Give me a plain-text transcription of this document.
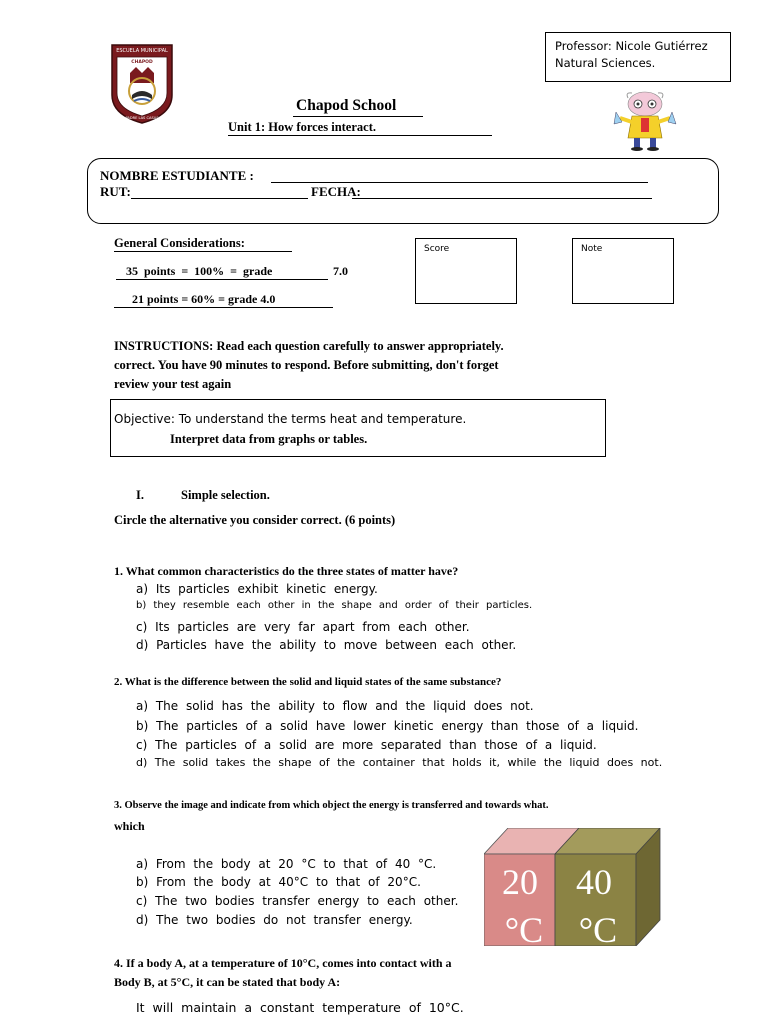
Professor: Nicole Gutiérrez
Natural Sciences.
ESCUELA MUNICIPAL
CHAPOD
PADRE LAS CASAS
Chapod School
Unit 1: How forces interact.
NOMBRE ESTUDIANTE :
RUT:	FECHA:
General Considerations:
35 points = 100% = grade	7.0
21 points = 60% = grade 4.0
Score	Note
INSTRUCTIONS: Read each question carefully to answer appropriately.
correct. You have 90 minutes to respond. Before submitting, don't forget
review your test again
Objective: To understand the terms heat and temperature.
Interpret data from graphs or tables.
I.	Simple selection.
Circle the alternative you consider correct. (6 points)
1. What common characteristics do the three states of matter have?
a) Its particles exhibit kinetic energy.
b) they resemble each other in the shape and order of their particles.
c) Its particles are very far apart from each other.
d) Particles have the ability to move between each other.
2. What is the difference between the solid and liquid states of the same substance?
a) The solid has the ability to flow and the liquid does not.
b) The particles of a solid have lower kinetic energy than those of a liquid.
c) The particles of a solid are more separated than those of a liquid.
d) The solid takes the shape of the container that holds it, while the liquid does not.
3. Observe the image and indicate from which object the energy is transferred and towards what.
which
20
°C
40
°C
a) From the body at 20 °C to that of 40 °C.
b) From the body at 40°C to that of 20°C.
c) The two bodies transfer energy to each other.
d) The two bodies do not transfer energy.
4. If a body A, at a temperature of 10°C, comes into contact with a
Body B, at 5°C, it can be stated that body A:
It will maintain a constant temperature of 10°C.
